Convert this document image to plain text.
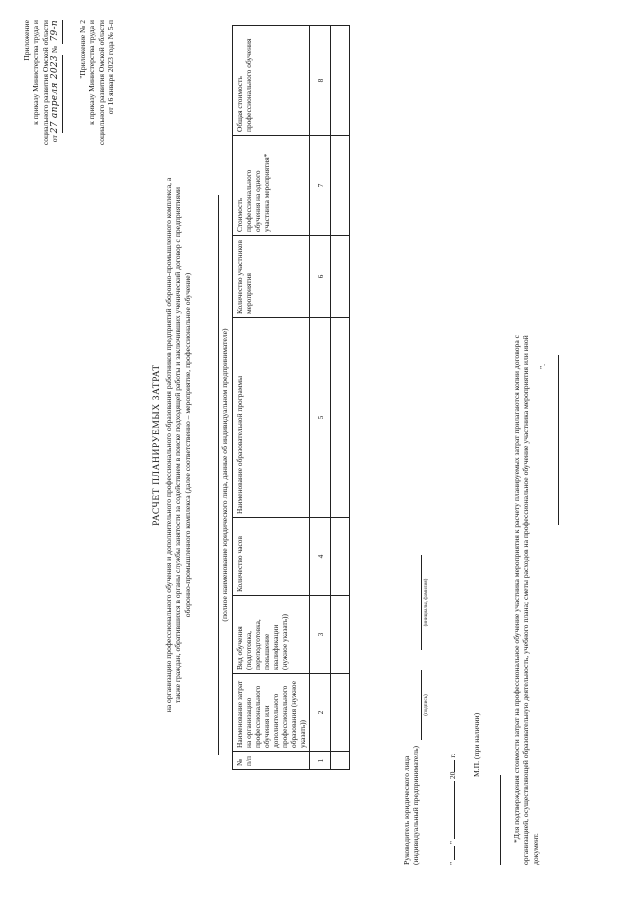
Приложение к приказу Министерства труда и социального развития Омской области от 27 апреля 2023 № 79-п "Приложение № 2 к приказу Министерства труда и социального развития Омской области от 16 января 2023 года № 5-п
РАСЧЕТ ПЛАНИРУЕМЫХ ЗАТРАТ на организацию профессионального обучения и дополнительного профессионального образования работников предприятий оборонно-промышленного комплекса, а также граждан, обратившихся в органы службы занятости за содействием в поиске подходящей работы и заключивших ученический договор с предприятиями оборонно-промышленного комплекса (далее соответственно – мероприятие, профессиональное обучение)	(полное наименование юридического лица, данные об индивидуальном предпринимателе)
№ п/п	Наименование затрат на организацию профессионального обучения или дополнительного профессионального образования (нужное указать))	Вид обучения (подготовка, переподготовка, повышение квалификации (нужное указать))	Количество часов	Наименование образовательной программы	Количество участников мероприятия	Стоимость профессионального обучения на одного участника мероприятия*	Общая стоимость профессионального обучения
1	2	3	4	5	6	7	8

Руководитель юридического лица (индивидуальный предприниматель)
(подпись)
(инициалы, фамилия)
"  "  20 г. М.П. (при наличии)	*Для подтверждения стоимости затрат на профессиональное обучение участника мероприятия к расчету планируемых затрат прилагаются копии договора с организацией, осуществляющей образовательную деятельность, учебного плана; сметы расходов на профессиональное обучение участника мероприятия или иной документ.
".
